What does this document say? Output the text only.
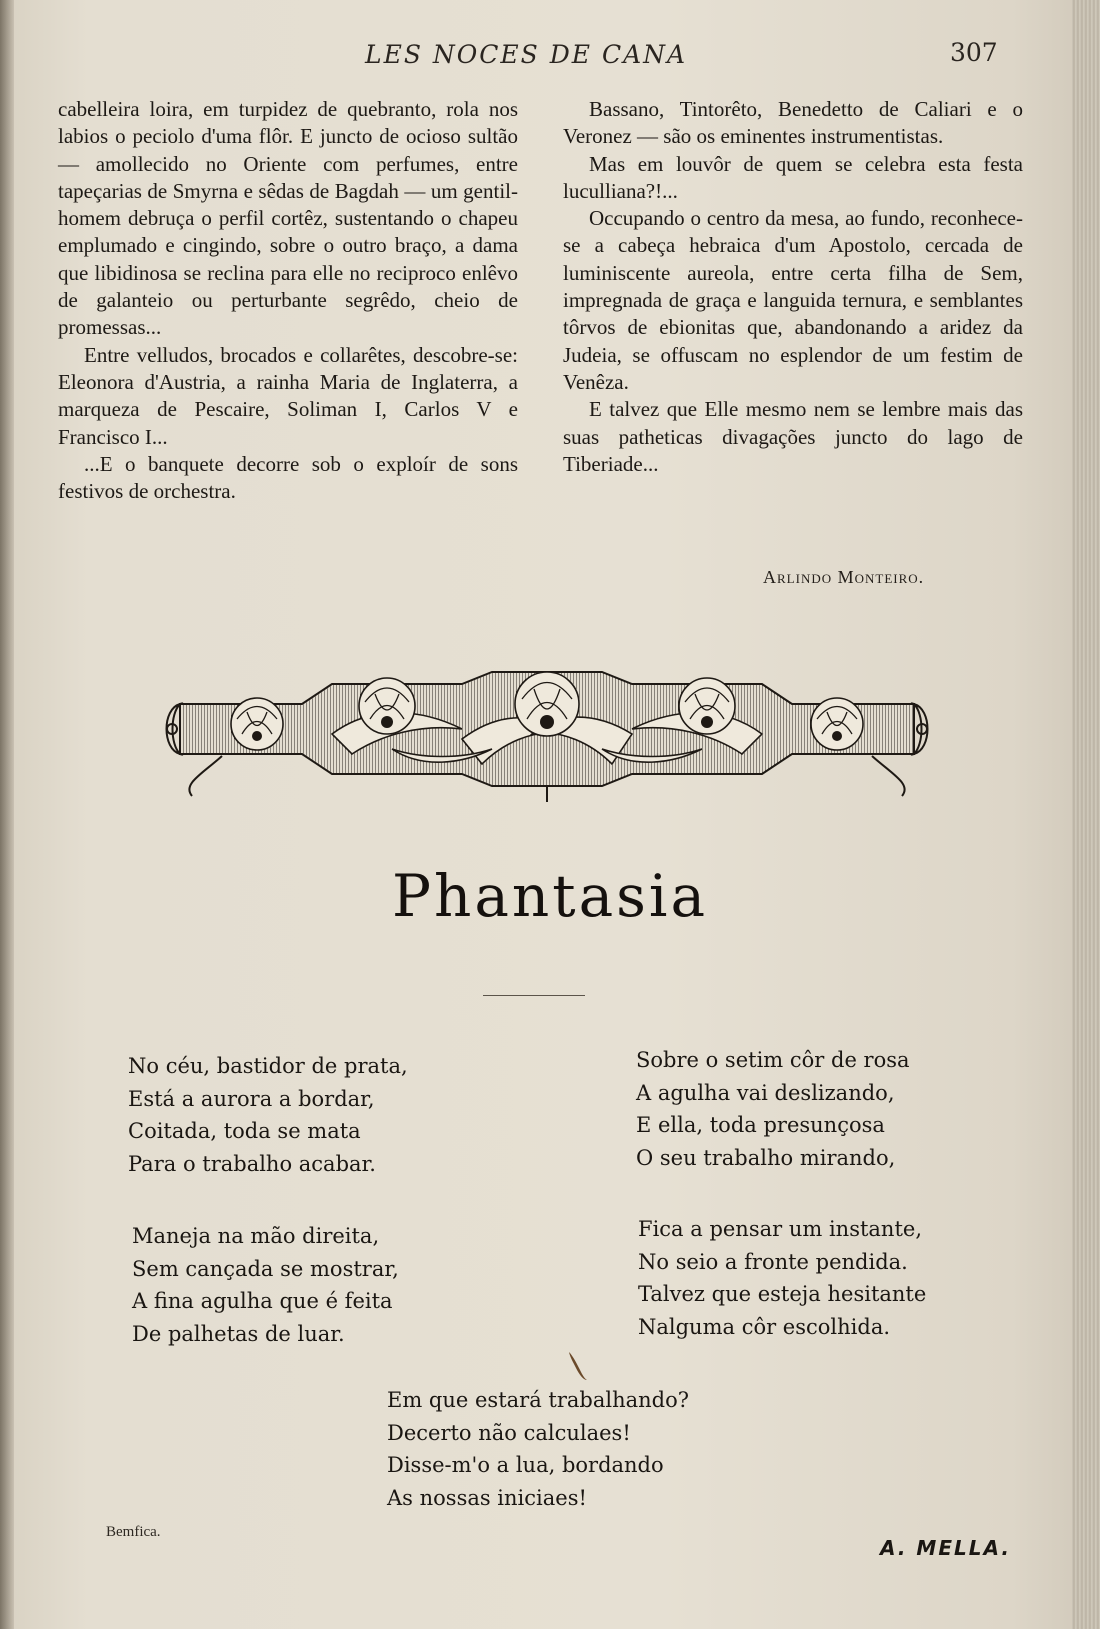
LES NOCES DE CANA	307

cabelleira loira, em turpidez de quebranto, rola nos labios o peciolo d'uma flôr. E juncto de ocioso sultão — amollecido no Oriente com perfumes, entre tapeçarias de Smyrna e sêdas de Bagdah — um gentil-homem debruça o perfil cortêz, sustentando o chapeu emplumado e cingindo, sobre o outro braço, a dama que libidinosa se reclina para elle no reciproco enlêvo de galanteio ou perturbante segrêdo, cheio de promessas...

Entre velludos, brocados e collarêtes, descobre-se: Eleonora d'Austria, a rainha Maria de Inglaterra, a marqueza de Pescaire, Soliman I, Carlos V e Francisco I...

...E o banquete decorre sob o exploír de sons festivos de orchestra.

Bassano, Tintorêto, Benedetto de Caliari e o Veronez — são os eminentes instrumentistas.

Mas em louvôr de quem se celebra esta festa luculliana?!...

Occupando o centro da mesa, ao fundo, reconhece-se a cabeça hebraica d'um Apostolo, cercada de luminiscente aureola, entre certa filha de Sem, impregnada de graça e languida ternura, e semblantes tôrvos de ebionitas que, abandonando a aridez da Judeia, se offuscam no esplendor de um festim de Venêza.

E talvez que Elle mesmo nem se lembre mais das suas patheticas divagações juncto do lago de Tiberiade...

Arlindo Monteiro.
Phantasia
No céu, bastidor de prata,
Está a aurora a bordar,
Coitada, toda se mata
Para o trabalho acabar.
Maneja na mão direita,
Sem cançada se mostrar,
A fina agulha que é feita
De palhetas de luar.
Sobre o setim côr de rosa
A agulha vai deslizando,
E ella, toda presunçosa
O seu trabalho mirando,
Fica a pensar um instante,
No seio a fronte pendida.
Talvez que esteja hesitante
Nalguma côr escolhida.
Em que estará trabalhando?
Decerto não calculaes!
Disse-m'o a lua, bordando
As nossas iniciaes!
Bemfica.
A. MELLA.
